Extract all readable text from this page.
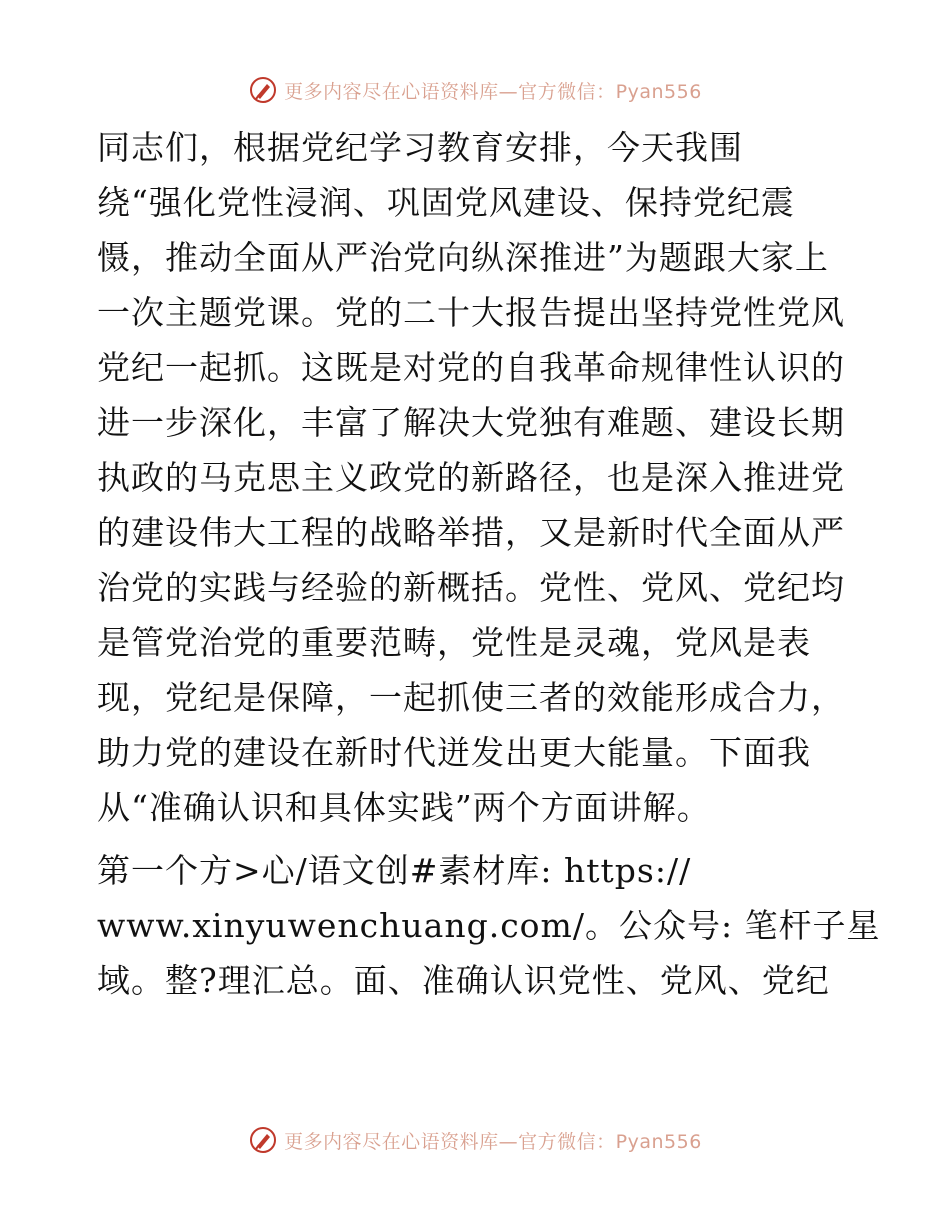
更多内容尽在心语资料库—官方微信：Pyan556

同志们，根据党纪学习教育安排，今天我围
绕“强化党性浸润、巩固党风建设、保持党纪震
慑，推动全面从严治党向纵深推进”为题跟大家上
一次主题党课。党的二十大报告提出坚持党性党风
党纪一起抓。这既是对党的自我革命规律性认识的
进一步深化，丰富了解决大党独有难题、建设长期
执政的马克思主义政党的新路径，也是深入推进党
的建设伟大工程的战略举措，又是新时代全面从严
治党的实践与经验的新概括。党性、党风、党纪均
是管党治党的重要范畴，党性是灵魂，党风是表
现，党纪是保障，一起抓使三者的效能形成合力，
助力党的建设在新时代迸发出更大能量。下面我
从“准确认识和具体实践”两个方面讲解。

第一个方>心/语文创#素材库: https://
www.xinyuwenchuang.com/。公众号: 笔杆子星
域。整?理汇总。面、准确认识党性、党风、党纪

更多内容尽在心语资料库—官方微信：Pyan556
